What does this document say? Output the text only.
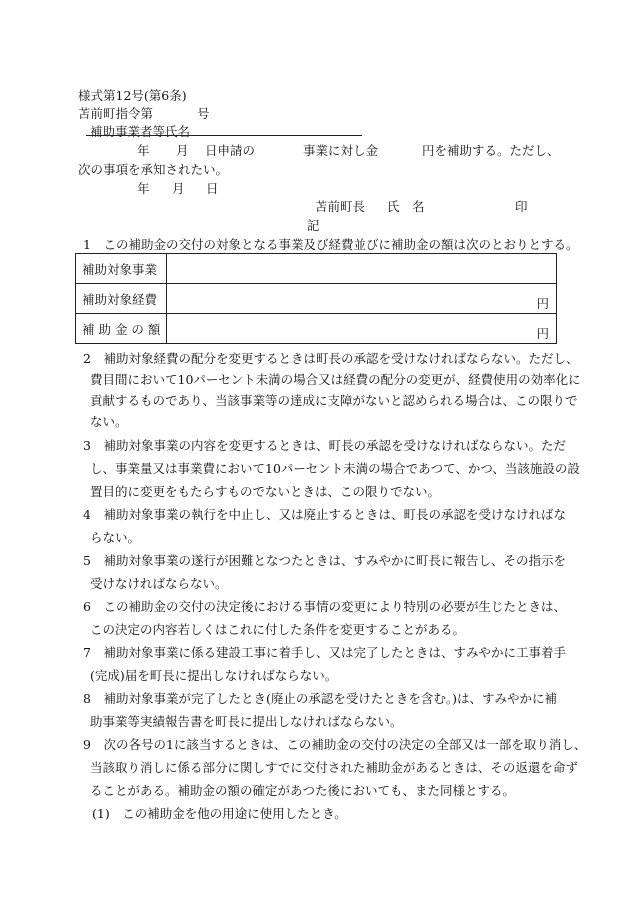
様式第12号(第6条)
苫前町指令第	号
補助事業者等氏名
年 月 日申請の	事業に対し金	円を補助する。ただし、
次の事項を承知されたい。
年 月 日
苫前町長 氏　名	印
記
1　この補助金の交付の対象となる事業及び経費並びに補助金の額は次のとおりとする。
補助対象事業	
補助対象経費	円

補 助 金 の 額	円
2　補助対象経費の配分を変更するときは町長の承認を受けなければならない。ただし、
費目間において10パーセント未満の場合又は経費の配分の変更が、経費使用の効率化に
貢献するものであり、当該事業等の達成に支障がないと認められる場合は、この限りで
ない。
3　補助対象事業の内容を変更するときは、町長の承認を受けなければならない。ただ
し、事業量又は事業費において10パーセント未満の場合であつて、かつ、当該施設の設
置目的に変更をもたらすものでないときは、この限りでない。
4　補助対象事業の執行を中止し、又は廃止するときは、町長の承認を受けなければな
らない。
5　補助対象事業の遂行が困難となつたときは、すみやかに町長に報告し、その指示を
受けなければならない。
6　この補助金の交付の決定後における事情の変更により特別の必要が生じたときは、
この決定の内容若しくはこれに付した条件を変更することがある。
7　補助対象事業に係る建設工事に着手し、又は完了したときは、すみやかに工事着手
(完成)届を町長に提出しなければならない。
8　補助対象事業が完了したとき(廃止の承認を受けたときを含む。)は、すみやかに補
助事業等実績報告書を町長に提出しなければならない。
9　次の各号の1に該当するときは、この補助金の交付の決定の全部又は一部を取り消し、
当該取り消しに係る部分に関しすでに交付された補助金があるときは、その返還を命ず
ることがある。補助金の額の確定があつた後においても、また同様とする。
(1)　この補助金を他の用途に使用したとき。
